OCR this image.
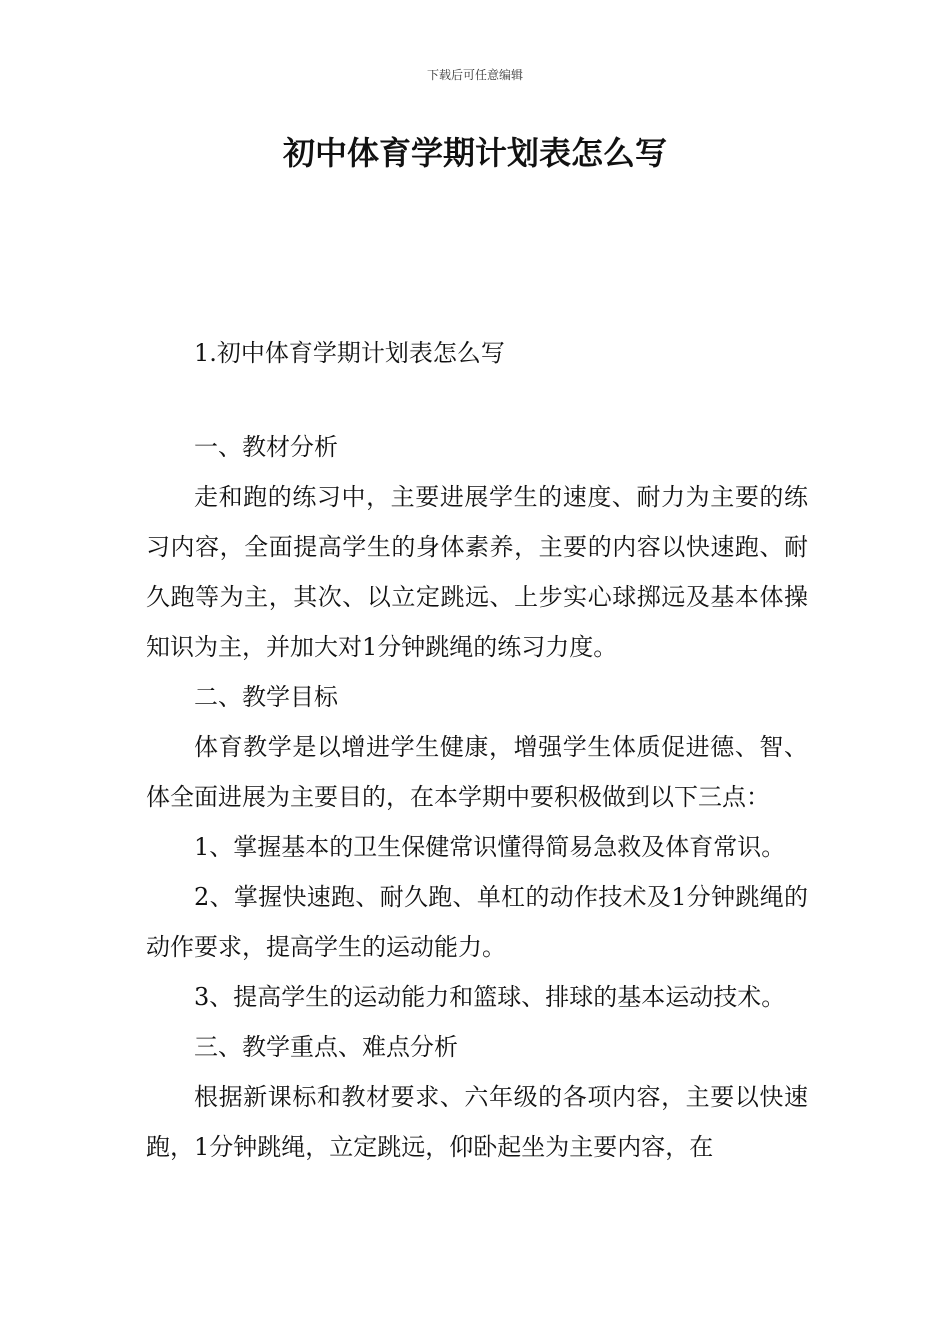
下载后可任意编辑
初中体育学期计划表怎么写
1.初中体育学期计划表怎么写

一、教材分析

走和跑的练习中，主要进展学生的速度、耐力为主要的练习内容，全面提高学生的身体素养，主要的内容以快速跑、耐久跑等为主，其次、以立定跳远、上步实心球掷远及基本体操知识为主，并加大对1分钟跳绳的练习力度。

二、教学目标

体育教学是以增进学生健康，增强学生体质促进德、智、体全面进展为主要目的，在本学期中要积极做到以下三点：

1、掌握基本的卫生保健常识懂得简易急救及体育常识。

2、掌握快速跑、耐久跑、单杠的动作技术及1分钟跳绳的动作要求，提高学生的运动能力。

3、提高学生的运动能力和篮球、排球的基本运动技术。

三、教学重点、难点分析

根据新课标和教材要求、六年级的各项内容，主要以快速跑，1分钟跳绳，立定跳远，仰卧起坐为主要内容，在
